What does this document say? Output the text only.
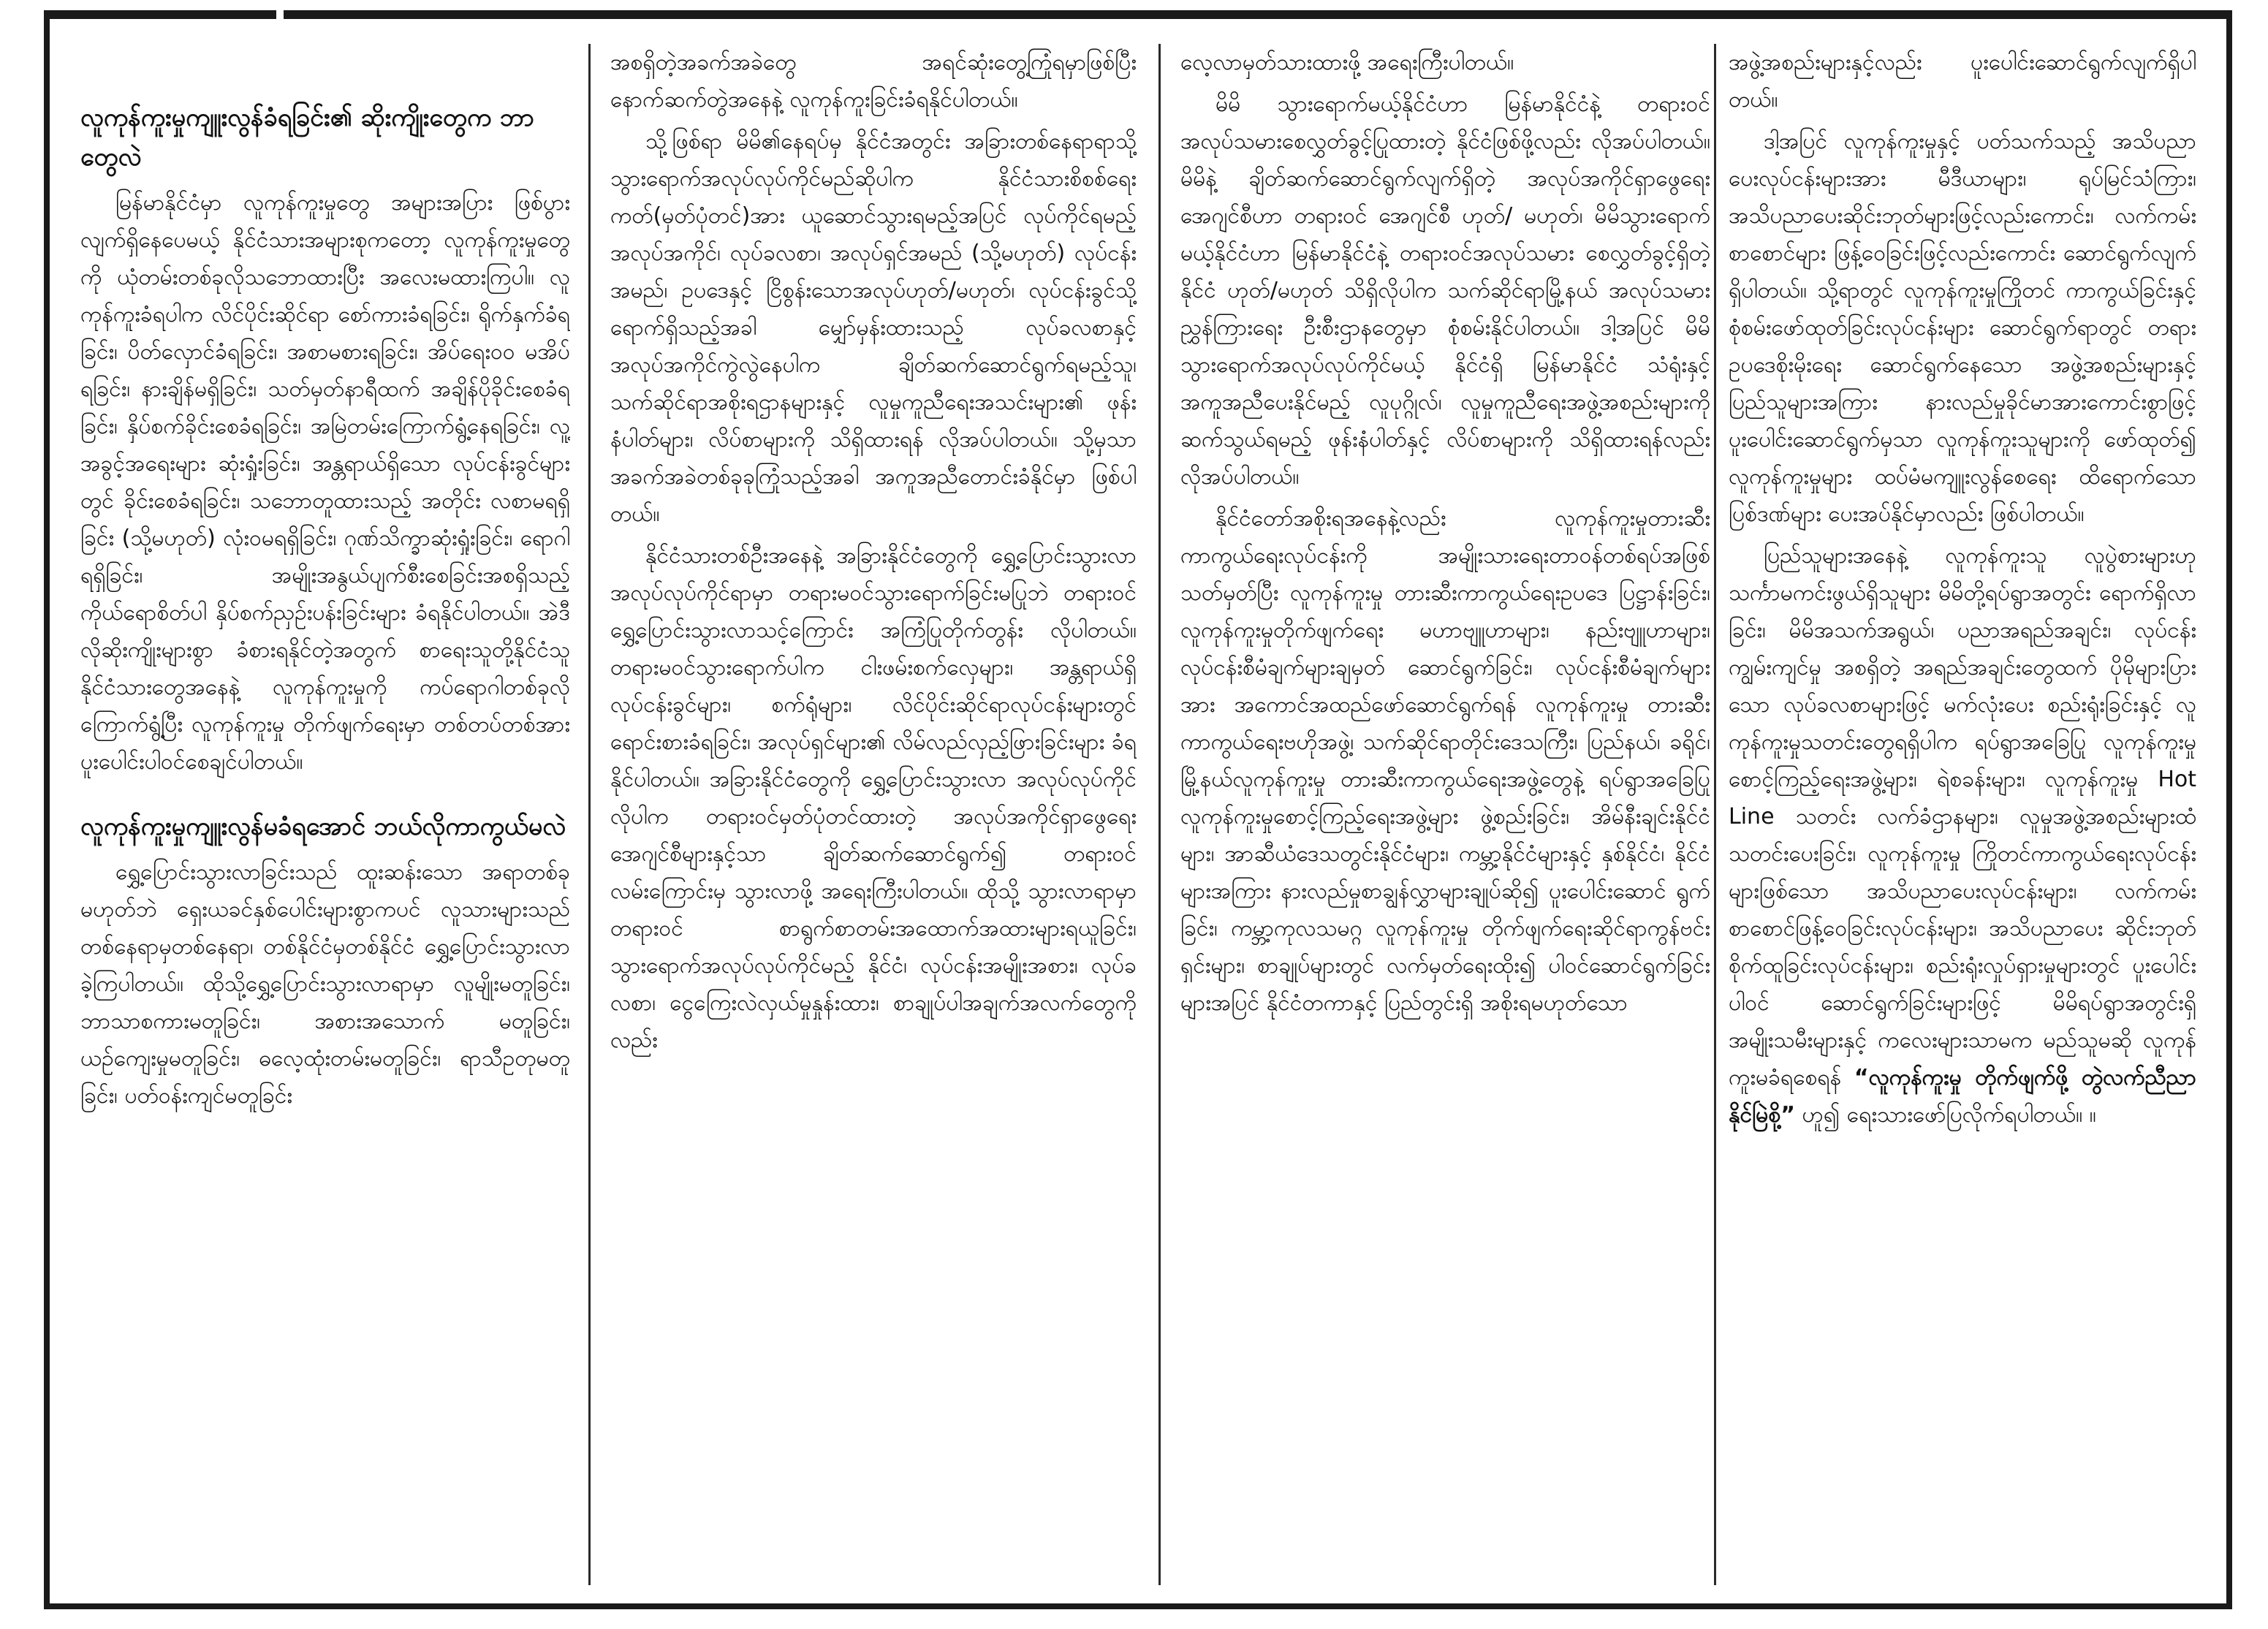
လူကုန်ကူးမှုကျူးလွန်ခံရခြင်း၏ ဆိုးကျိုးတွေက ဘာတွေလဲ

မြန်မာနိုင်ငံမှာ လူကုန်ကူးမှုတွေ အများအပြား ဖြစ်ပွားလျက်ရှိနေပေမယ့် နိုင်ငံသားအများစုကတော့ လူကုန်ကူးမှုတွေကို ယုံတမ်းတစ်ခုလိုသဘောထားပြီး အလေးမထားကြပါ။ လူကုန်ကူးခံရပါက လိင်ပိုင်းဆိုင်ရာ စော်ကားခံရခြင်း၊ ရိုက်နှက်ခံရခြင်း၊ ပိတ်လှောင်ခံရခြင်း၊ အစာမစားရခြင်း၊ အိပ်ရေးဝဝ မအိပ်ရခြင်း၊ နားချိန်မရှိခြင်း၊ သတ်မှတ်နာရီထက် အချိန်ပိုခိုင်းစေခံရခြင်း၊ နှိပ်စက်ခိုင်းစေခံရခြင်း၊ အမြဲတမ်းကြောက်ရွံ့နေရခြင်း၊ လူ့အခွင့်အရေးများ ဆုံးရှုံးခြင်း၊ အန္တရာယ်ရှိသော လုပ်ငန်းခွင်များတွင် ခိုင်းစေခံရခြင်း၊ သဘောတူထားသည့် အတိုင်း လစာမရရှိခြင်း (သို့မဟုတ်) လုံးဝမရရှိခြင်း၊ ဂုဏ်သိက္ခာဆုံးရှုံးခြင်း၊ ရောဂါရရှိခြင်း၊ အမျိုးအနွယ်ပျက်စီးစေခြင်းအစရှိသည့် ကိုယ်ရောစိတ်ပါ နှိပ်စက်ညှဉ်းပန်းခြင်းများ ခံရနိုင်ပါတယ်။ အဲဒီလိုဆိုးကျိုးများစွာ ခံစားရနိုင်တဲ့အတွက် စာရေးသူတို့နိုင်ငံသူ နိုင်ငံသားတွေအနေနဲ့ လူကုန်ကူးမှုကို ကပ်ရောဂါတစ်ခုလို ကြောက်ရွံ့ပြီး လူကုန်ကူးမှု တိုက်ဖျက်ရေးမှာ တစ်တပ်တစ်အား ပူးပေါင်းပါဝင်စေချင်ပါတယ်။

လူကုန်ကူးမှုကျူးလွန်မခံရအောင် ဘယ်လိုကာကွယ်မလဲ

ရွှေ့ပြောင်းသွားလာခြင်းသည် ထူးဆန်းသော အရာတစ်ခုမဟုတ်ဘဲ ရှေးယခင်နှစ်ပေါင်းများစွာကပင် လူသားများသည် တစ်နေရာမှတစ်နေရာ၊ တစ်နိုင်ငံမှတစ်နိုင်ငံ ရွှေ့ပြောင်းသွားလာခဲ့ကြပါတယ်။ ထိုသို့ရွှေ့ပြောင်းသွားလာရာမှာ လူမျိုးမတူခြင်း၊ ဘာသာစကားမတူခြင်း၊ အစားအသောက် မတူခြင်း၊ ယဉ်ကျေးမှုမတူခြင်း၊ ဓလေ့ထုံးတမ်းမတူခြင်း၊ ရာသီဥတုမတူခြင်း၊ ပတ်ဝန်းကျင်မတူခြင်း

အစရှိတဲ့အခက်အခဲတွေ အရင်ဆုံးတွေ့ကြုံရမှာဖြစ်ပြီး နောက်ဆက်တွဲအနေနဲ့ လူကုန်ကူးခြင်းခံရနိုင်ပါတယ်။

သို့ဖြစ်ရာ မိမိ၏နေရပ်မှ နိုင်ငံအတွင်း အခြားတစ်နေရာရာသို့ သွားရောက်အလုပ်လုပ်ကိုင်မည်ဆိုပါက နိုင်ငံသားစိစစ်ရေးကတ်(မှတ်ပုံတင်)အား ယူဆောင်သွားရမည့်အပြင် လုပ်ကိုင်ရမည့်အလုပ်အကိုင်၊ လုပ်ခလစာ၊ အလုပ်ရှင်အမည် (သို့မဟုတ်) လုပ်ငန်းအမည်၊ ဥပဒေနှင့် ငြိစွန်းသောအလုပ်ဟုတ်/မဟုတ်၊ လုပ်ငန်းခွင်သို့ ရောက်ရှိသည့်အခါ မျှော်မှန်းထားသည့် လုပ်ခလစာနှင့် အလုပ်အကိုင်ကွဲလွဲနေပါက ချိတ်ဆက်ဆောင်ရွက်ရမည့်သူ၊ သက်ဆိုင်ရာအစိုးရဌာနများနှင့် လူမှုကူညီရေးအသင်းများ၏ ဖုန်းနံပါတ်များ၊ လိပ်စာများကို သိရှိထားရန် လိုအပ်ပါတယ်။ သို့မှသာ အခက်အခဲတစ်ခုခုကြုံသည့်အခါ အကူအညီတောင်းခံနိုင်မှာ ဖြစ်ပါတယ်။

နိုင်ငံသားတစ်ဦးအနေနဲ့ အခြားနိုင်ငံတွေကို ရွှေ့ပြောင်းသွားလာ အလုပ်လုပ်ကိုင်ရာမှာ တရားမဝင်သွားရောက်ခြင်းမပြုဘဲ တရားဝင်ရွှေ့ပြောင်းသွားလာသင့်ကြောင်း အကြံပြုတိုက်တွန်း လိုပါတယ်။ တရားမဝင်သွားရောက်ပါက ငါးဖမ်းစက်လှေများ၊ အန္တရာယ်ရှိလုပ်ငန်းခွင်များ၊ စက်ရုံများ၊ လိင်ပိုင်းဆိုင်ရာလုပ်ငန်းများတွင် ရောင်းစားခံရခြင်း၊ အလုပ်ရှင်များ၏ လိမ်လည်လှည့်ဖြားခြင်းများ ခံရနိုင်ပါတယ်။ အခြားနိုင်ငံတွေကို ရွှေ့ပြောင်းသွားလာ အလုပ်လုပ်ကိုင်လိုပါက တရားဝင်မှတ်ပုံတင်ထားတဲ့ အလုပ်အကိုင်ရှာဖွေရေး အေဂျင်စီများနှင့်သာ ချိတ်ဆက်ဆောင်ရွက်၍ တရားဝင်လမ်းကြောင်းမှ သွားလာဖို့ အရေးကြီးပါတယ်။ ထိုသို့ သွားလာရာမှာ တရားဝင် စာရွက်စာတမ်းအထောက်အထားများရယူခြင်း၊ သွားရောက်အလုပ်လုပ်ကိုင်မည့် နိုင်ငံ၊ လုပ်ငန်းအမျိုးအစား၊ လုပ်ခလစာ၊ ငွေကြေးလဲလှယ်မှုနှုန်းထား၊ စာချုပ်ပါအချက်အလက်တွေကိုလည်း

လေ့လာမှတ်သားထားဖို့ အရေးကြီးပါတယ်။

မိမိ သွားရောက်မယ့်နိုင်ငံဟာ မြန်မာနိုင်ငံနဲ့ တရားဝင် အလုပ်သမားစေလွှတ်ခွင့်ပြုထားတဲ့ နိုင်ငံဖြစ်ဖို့လည်း လိုအပ်ပါတယ်။ မိမိနဲ့ ချိတ်ဆက်ဆောင်ရွက်လျက်ရှိတဲ့ အလုပ်အကိုင်ရှာဖွေရေး အေဂျင်စီဟာ တရားဝင် အေဂျင်စီ ဟုတ်/ မဟုတ်၊ မိမိသွားရောက်မယ့်နိုင်ငံဟာ မြန်မာနိုင်ငံနဲ့ တရားဝင်အလုပ်သမား စေလွှတ်ခွင့်ရှိတဲ့ နိုင်ငံ ဟုတ်/မဟုတ် သိရှိလိုပါက သက်ဆိုင်ရာမြို့နယ် အလုပ်သမားညွှန်ကြားရေး ဦးစီးဌာနတွေမှာ စုံစမ်းနိုင်ပါတယ်။ ဒါ့အပြင် မိမိ သွားရောက်အလုပ်လုပ်ကိုင်မယ့် နိုင်ငံရှိ မြန်မာနိုင်ငံ သံရုံးနှင့် အကူအညီပေးနိုင်မည့် လူပုဂ္ဂိုလ်၊ လူမှုကူညီရေးအဖွဲ့အစည်းများကို ဆက်သွယ်ရမည့် ဖုန်းနံပါတ်နှင့် လိပ်စာများကို သိရှိထားရန်လည်း လိုအပ်ပါတယ်။

နိုင်ငံတော်အစိုးရအနေနဲ့လည်း လူကုန်ကူးမှုတားဆီးကာကွယ်ရေးလုပ်ငန်းကို အမျိုးသားရေးတာဝန်တစ်ရပ်အဖြစ်သတ်မှတ်ပြီး လူကုန်ကူးမှု တားဆီးကာကွယ်ရေးဥပဒေ ပြဋ္ဌာန်းခြင်း၊ လူကုန်ကူးမှုတိုက်ဖျက်ရေး မဟာဗျူဟာများ၊ နည်းဗျူဟာများ၊ လုပ်ငန်းစီမံချက်များချမှတ် ဆောင်ရွက်ခြင်း၊ လုပ်ငန်းစီမံချက်များအား အကောင်အထည်ဖော်ဆောင်ရွက်ရန် လူကုန်ကူးမှု တားဆီးကာကွယ်ရေးဗဟိုအဖွဲ့၊ သက်ဆိုင်ရာတိုင်းဒေသကြီး၊ ပြည်နယ်၊ ခရိုင်၊ မြို့နယ်လူကုန်ကူးမှု တားဆီးကာကွယ်ရေးအဖွဲ့တွေနဲ့ ရပ်ရွာအခြေပြု လူကုန်ကူးမှုစောင့်ကြည့်ရေးအဖွဲ့များ ဖွဲ့စည်းခြင်း၊ အိမ်နီးချင်းနိုင်ငံများ၊ အာဆီယံဒေသတွင်းနိုင်ငံများ၊ ကမ္ဘာ့နိုင်ငံများနှင့် နှစ်နိုင်ငံ၊ နိုင်ငံများအကြား နားလည်မှုစာချွန်လွှာများချုပ်ဆို၍ ပူးပေါင်းဆောင် ရွက်ခြင်း၊ ကမ္ဘာ့ကုလသမဂ္ဂ လူကုန်ကူးမှု တိုက်ဖျက်ရေးဆိုင်ရာကွန်ဗင်းရှင်းများ၊ စာချုပ်များတွင် လက်မှတ်ရေးထိုး၍ ပါဝင်ဆောင်ရွက်ခြင်းများအပြင် နိုင်ငံတကာနှင့် ပြည်တွင်းရှိ အစိုးရမဟုတ်သော

အဖွဲ့အစည်းများနှင့်လည်း ပူးပေါင်းဆောင်ရွက်လျက်ရှိပါတယ်။

ဒါ့အပြင် လူကုန်ကူးမှုနှင့် ပတ်သက်သည့် အသိပညာပေးလုပ်ငန်းများအား မီဒီယာများ၊ ရုပ်မြင်သံကြား၊ အသိပညာပေးဆိုင်းဘုတ်များဖြင့်လည်းကောင်း၊ လက်ကမ်းစာစောင်များ ဖြန့်ဝေခြင်းဖြင့်လည်းကောင်း ဆောင်ရွက်လျက်ရှိပါတယ်။ သို့ရာတွင် လူကုန်ကူးမှုကြိုတင် ကာကွယ်ခြင်းနှင့် စုံစမ်းဖော်ထုတ်ခြင်းလုပ်ငန်းများ ဆောင်ရွက်ရာတွင် တရားဥပဒေစိုးမိုးရေး ဆောင်ရွက်နေသော အဖွဲ့အစည်းများနှင့် ပြည်သူများအကြား နားလည်မှုခိုင်မာအားကောင်းစွာဖြင့် ပူးပေါင်းဆောင်ရွက်မှသာ လူကုန်ကူးသူများကို ဖော်ထုတ်၍ လူကုန်ကူးမှုများ ထပ်မံမကျူးလွန်စေရေး ထိရောက်သောပြစ်ဒဏ်များ ပေးအပ်နိုင်မှာလည်း ဖြစ်ပါတယ်။

ပြည်သူများအနေနဲ့ လူကုန်ကူးသူ လူပွဲစားများဟု သင်္ကာမကင်းဖွယ်ရှိသူများ မိမိတို့ရပ်ရွာအတွင်း ရောက်ရှိလာခြင်း၊ မိမိအသက်အရွယ်၊ ပညာအရည်အချင်း၊ လုပ်ငန်းကျွမ်းကျင်မှု အစရှိတဲ့ အရည်အချင်းတွေထက် ပိုမိုများပြားသော လုပ်ခလစာများဖြင့် မက်လုံးပေး စည်းရုံးခြင်းနှင့် လူကုန်ကူးမှုသတင်းတွေရရှိပါက ရပ်ရွာအခြေပြု လူကုန်ကူးမှုစောင့်ကြည့်ရေးအဖွဲ့များ၊ ရဲစခန်းများ၊ လူကုန်ကူးမှု Hot Line သတင်း လက်ခံဌာနများ၊ လူမှုအဖွဲ့အစည်းများထံ သတင်းပေးခြင်း၊ လူကုန်ကူးမှု ကြိုတင်ကာကွယ်ရေးလုပ်ငန်းများဖြစ်သော အသိပညာပေးလုပ်ငန်းများ၊ လက်ကမ်းစာစောင်ဖြန့်ဝေခြင်းလုပ်ငန်းများ၊ အသိပညာပေး ဆိုင်းဘုတ်စိုက်ထူခြင်းလုပ်ငန်းများ၊ စည်းရုံးလှုပ်ရှားမှုများတွင် ပူးပေါင်းပါဝင် ဆောင်ရွက်ခြင်းများဖြင့် မိမိရပ်ရွာအတွင်းရှိ အမျိုးသမီးများနှင့် ကလေးများသာမက မည်သူမဆို လူကုန်ကူးမခံရစေရန် “လူကုန်ကူးမှု တိုက်ဖျက်ဖို့ တွဲလက်ညီညာ နိုင်မြဲစို့” ဟူ၍ ရေးသားဖော်ပြလိုက်ရပါတယ်။ ။
